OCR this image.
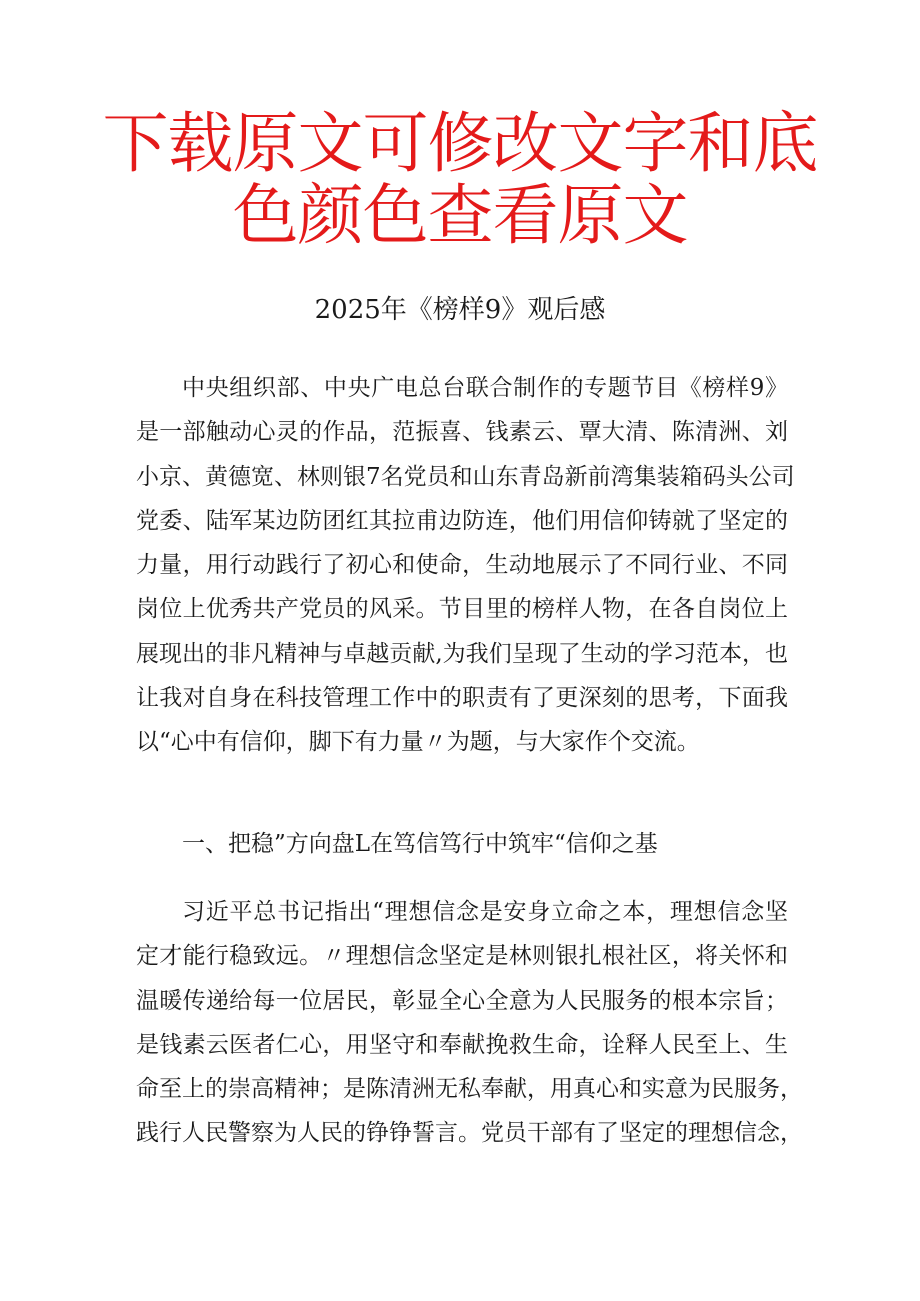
下载原文可修改文字和底
色颜色查看原文
2025年《榜样9》观后感
中央组织部、中央广电总台联合制作的专题节目《榜样9》
是一部触动心灵的作品，范振喜、钱素云、覃大清、陈清洲、刘
小京、黄德宽、林则银7名党员和山东青岛新前湾集装箱码头公司
党委、陆军某边防团红其拉甫边防连，他们用信仰铸就了坚定的
力量，用行动践行了初心和使命，生动地展示了不同行业、不同
岗位上优秀共产党员的风采。节目里的榜样人物，在各自岗位上
展现出的非凡精神与卓越贡献,为我们呈现了生动的学习范本，也
让我对自身在科技管理工作中的职责有了更深刻的思考，下面我
以“心中有信仰，脚下有力量〃为题，与大家作个交流。
一、把稳”方向盘L在笃信笃行中筑牢“信仰之基
习近平总书记指出“理想信念是安身立命之本，理想信念坚
定才能行稳致远。〃理想信念坚定是林则银扎根社区，将关怀和
温暖传递给每一位居民，彰显全心全意为人民服务的根本宗旨；
是钱素云医者仁心，用坚守和奉献挽救生命，诠释人民至上、生
命至上的崇高精神；是陈清洲无私奉献，用真心和实意为民服务，
践行人民警察为人民的铮铮誓言。党员干部有了坚定的理想信念，
